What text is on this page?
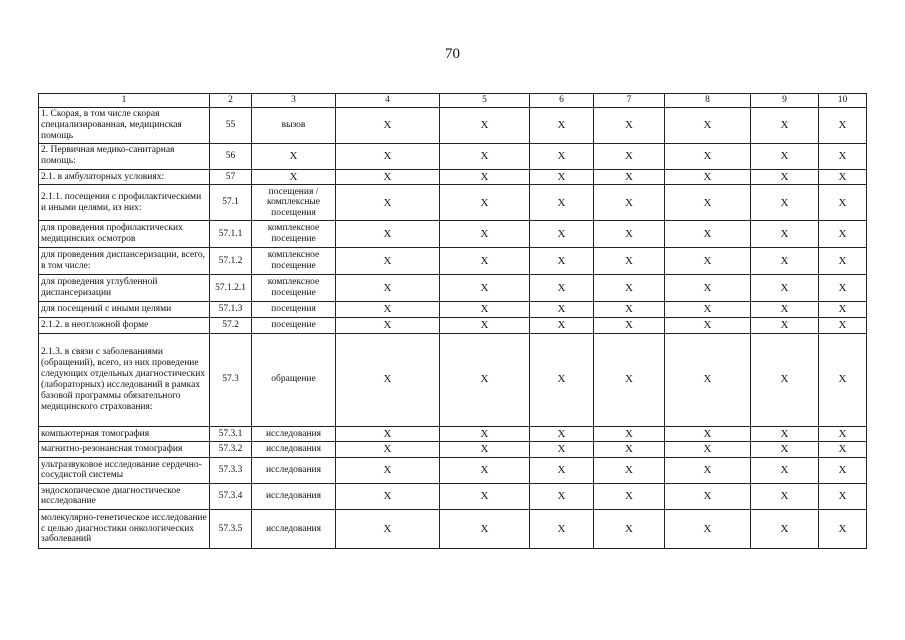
70
1	2	3	4	5	6	7	8	9	10
1. Скорая, в том числе скорая специализированная, медицинская помощь	55	вызов	X	X	X	X	X	X	X
2. Первичная медико-санитарная помощь:	56	X	X	X	X	X	X	X	X
2.1. в амбулаторных условиях:	57	X	X	X	X	X	X	X	X
2.1.1. посещения с профилактическими и иными целями, из них:	57.1	посещения / комплексные посещения	X	X	X	X	X	X	X
для проведения профилактических медицинских осмотров	57.1.1	комплексное посещение	X	X	X	X	X	X	X
для проведения диспансеризации, всего, в том числе:	57.1.2	комплексное посещение	X	X	X	X	X	X	X
для проведения углубленной диспансеризации	57.1.2.1	комплексное посещение	X	X	X	X	X	X	X
для посещений с иными целями	57.1.3	посещения	X	X	X	X	X	X	X
2.1.2. в неотложной форме	57.2	посещение	X	X	X	X	X	X	X
2.1.3. в связи с заболеваниями (обращений), всего, из них проведение следующих отдельных диагностических (лабораторных) исследований в рамках базовой программы обязательного медицинского страхования:	57.3	обращение	X	X	X	X	X	X	X
компьютерная томография	57.3.1	исследования	X	X	X	X	X	X	X
магнитно-резонансная томография	57.3.2	исследования	X	X	X	X	X	X	X
ультразвуковое исследование сердечно-сосудистой системы	57.3.3	исследования	X	X	X	X	X	X	X
эндоскопическое диагностическое исследование	57.3.4	исследования	X	X	X	X	X	X	X
молекулярно-генетическое исследование с целью диагностики онкологических заболеваний	57.3.5	исследования	X	X	X	X	X	X	X
